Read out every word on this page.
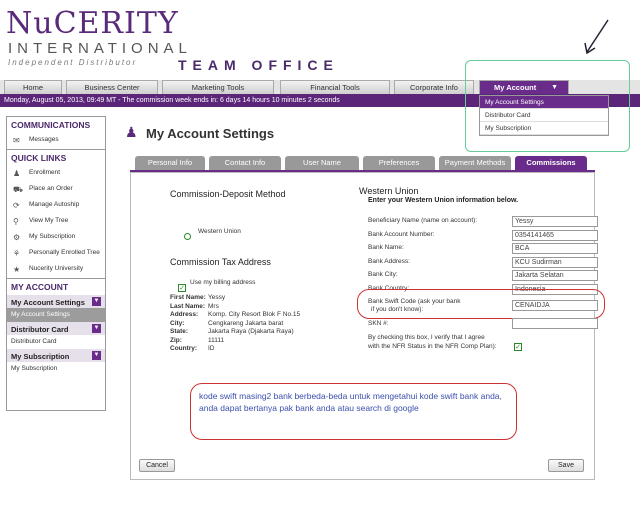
NuCERITY
INTERNATIONAL
Independent Distributor	TEAM OFFICE
Home	Business Center	Marketing Tools	Financial Tools	Corporate Info	My Account ▼
Monday, August 05, 2013, 09:49 MT - The commission week ends in: 6 days 14 hours 10 minutes 2 seconds	My Account Settings
Distributor Card
My Subscription
COMMUNICATIONS
✉	Messages
QUICK LINKS
♟	Enrollment
⛟ Place an Order
⟳	Manage Autoship
⚲	View My Tree
⚙	My Subscription
⚘	Personally Enrolled Tree
★	Nucerity University
MY ACCOUNT
My Account Settings ▼
My Account Settings
Distributor Card	▼
Distributor Card
My Subscription	▼
My Subscription
♟ My Account Settings
Personal Info	Contact Info	User Name	Preferences	Payment Methods	Commissions
Commission-Deposit Method
Western Union
Commission Tax Address
✓
Use my billing address
First Name: Yessy
Last Name: Mrs
Address: Komp. City Resort Blok F No.15
City:	Cengkareng Jakarta barat
State:	Jakarta Raya (Djakarta Raya)
Zip:	11111
Country: ID
Western Union
Enter your Western Union information below.
Beneficiary Name (name on account):	Yessy
Bank Account Number:	0354141465
Bank Name:	BCA
Bank Address:	KCU Sudirman
Bank City:	Jakarta Selatan
Bank Country:	Indonesia
Bank Swift Code (ask your bank
if you don't know):
CENAIDJA
SKN #:
By checking this box, I verify that I agree
with the NFR Status in the NFR Comp Plan):	✓
kode swift masing2 bank berbeda-beda untuk mengetahui kode swift bank anda, anda dapat bertanya pak bank anda atau search di google
Cancel	Save
